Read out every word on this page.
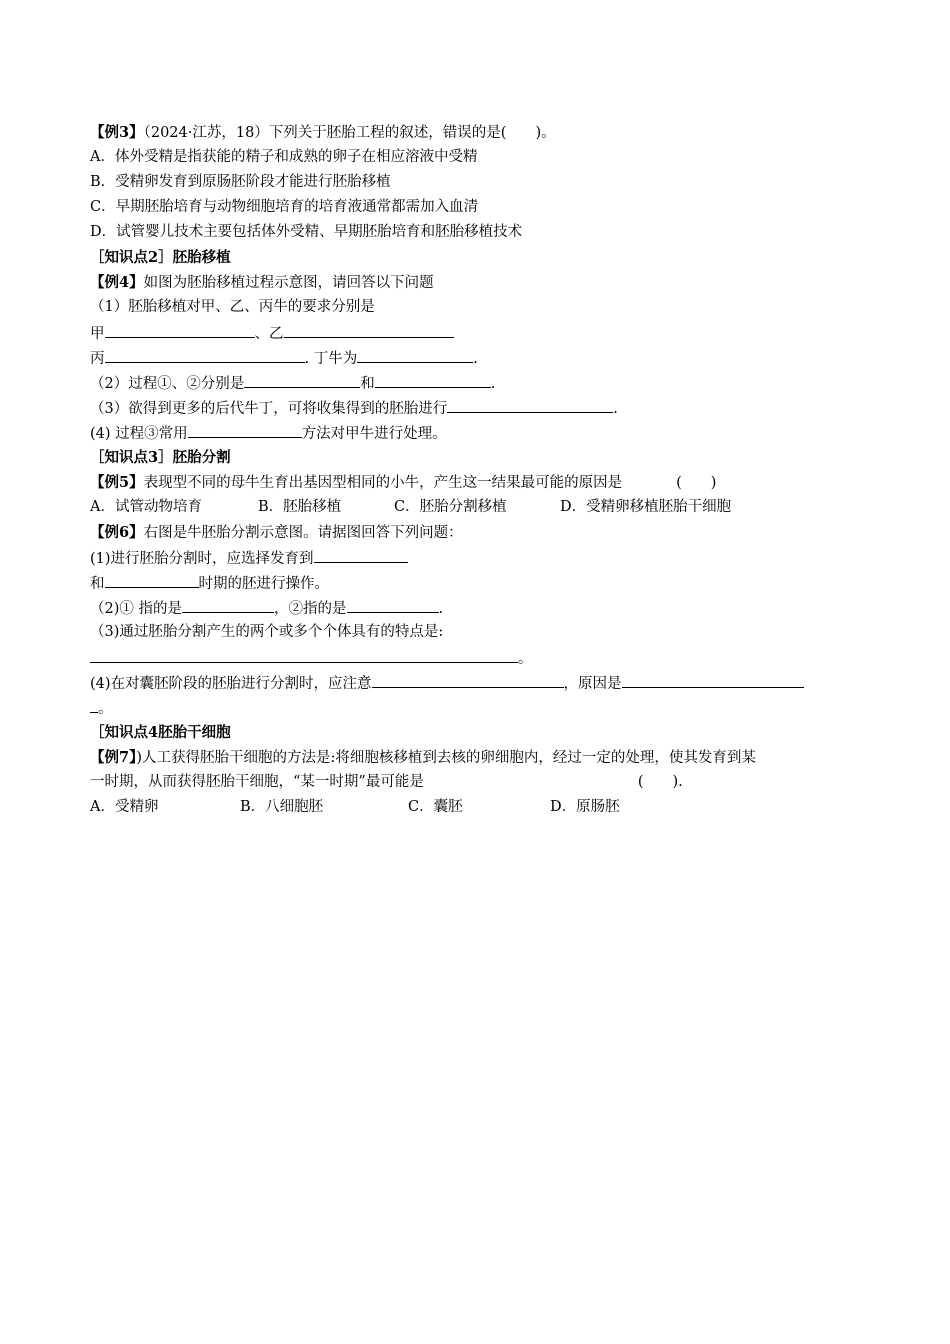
【例3】（2024·江苏，18）下列关于胚胎工程的叙述，错误的是(　　)。
A．体外受精是指获能的精子和成熟的卵子在相应溶液中受精
B．受精卵发育到原肠胚阶段才能进行胚胎移植
C．早期胚胎培育与动物细胞培育的培育液通常都需加入血清
D．试管婴儿技术主要包括体外受精、早期胚胎培育和胚胎移植技术
［知识点2］胚胎移植
【例4】如图为胚胎移植过程示意图，请回答以下问题
（1）胚胎移植对甲、乙、丙牛的要求分别是
甲	、乙
丙	. 丁牛为	.
（2）过程①、②分别是	和	.
（3）欲得到更多的后代牛丁，可将收集得到的胚胎进行	.
(4) 过程③常用	方法对甲牛进行处理。
［知识点3］胚胎分割
【例5】表现型不同的母牛生育出基因型相同的小牛，产生这一结果最可能的原因是	(　　)
A．试管动物培育	B．胚胎移植	C．胚胎分割移植	D．受精卵移植胚胎干细胞
【例6】右图是牛胚胎分割示意图。请据图回答下列问题：
(1)进行胚胎分割时，应选择发育到
和	时期的胚进行操作。
（2)① 指的是	，②指的是	.
（3)通过胚胎分割产生的两个或多个个体具有的特点是:
。
(4)在对囊胚阶段的胚胎进行分割时，应注意	，原因是
。
［知识点4胚胎干细胞
【例7】)人工获得胚胎干细胞的方法是:将细胞核移植到去核的卵细胞内，经过一定的处理，使其发育到某
一时期，从而获得胚胎干细胞，“某一时期”最可能是	(　　).
A．受精卵	B．八细胞胚	C．囊胚	D．原肠胚
